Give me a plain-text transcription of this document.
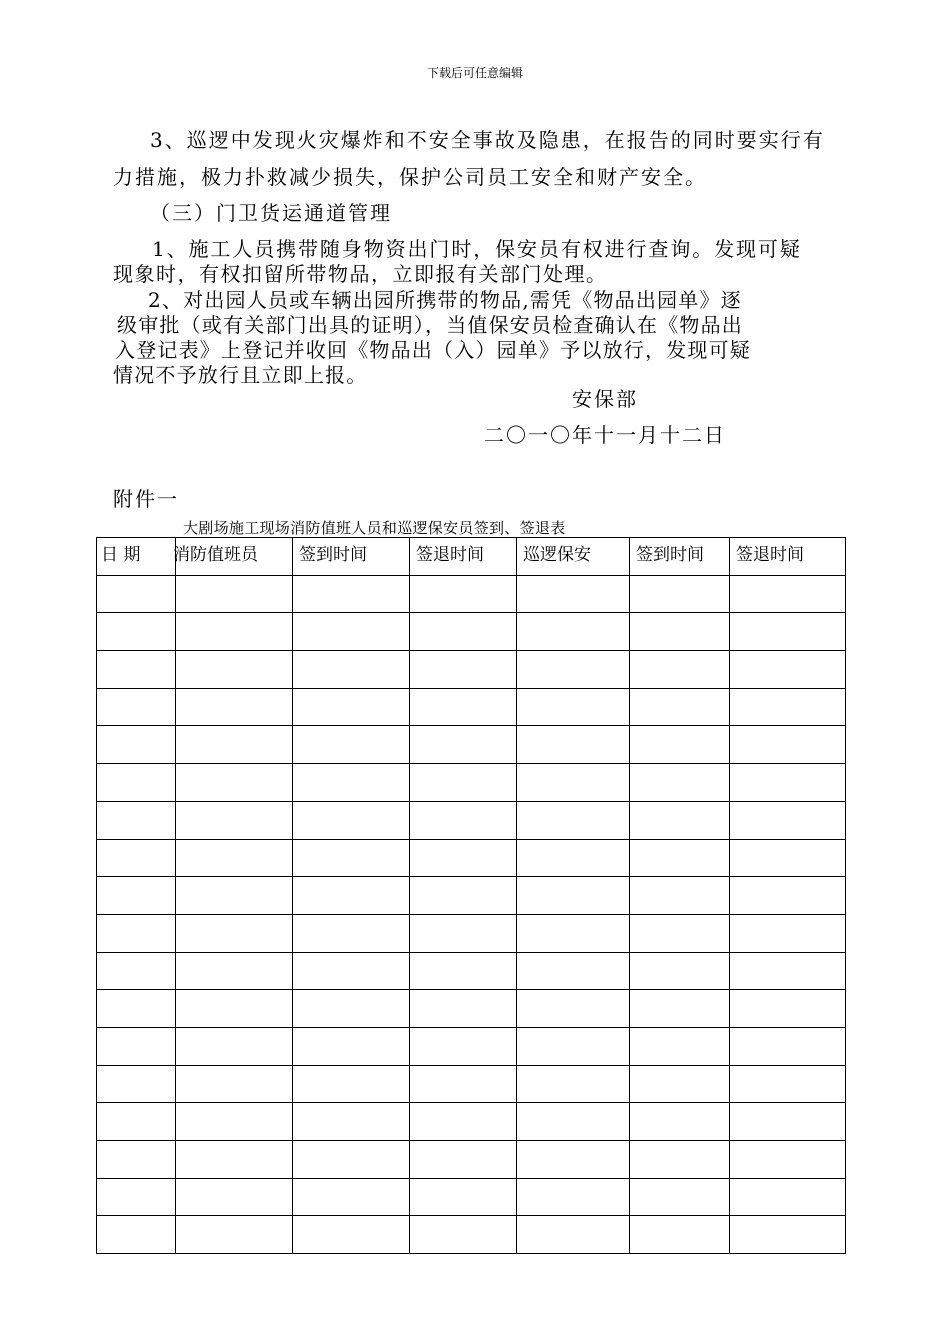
下载后可任意编辑
3、巡逻中发现火灾爆炸和不安全事故及隐患，在报告的同时要实行有
力措施，极力扑救减少损失，保护公司员工安全和财产安全。
（三）门卫货运通道管理
1、施工人员携带随身物资出门时，保安员有权进行查询。发现可疑
现象时，有权扣留所带物品，立即报有关部门处理。
2、对出园人员或车辆出园所携带的物品,需凭《物品出园单》逐
级审批（或有关部门出具的证明），当值保安员检查确认在《物品出
入登记表》上登记并收回《物品出（入）园单》予以放行，发现可疑
情况不予放行且立即上报。
安保部
二〇一〇年十一月十二日
附件一
大剧场施工现场消防值班人员和巡逻保安员签到、签退表
日 期	消防值班员	签到时间	签退时间	巡逻保安	签到时间	签退时间
